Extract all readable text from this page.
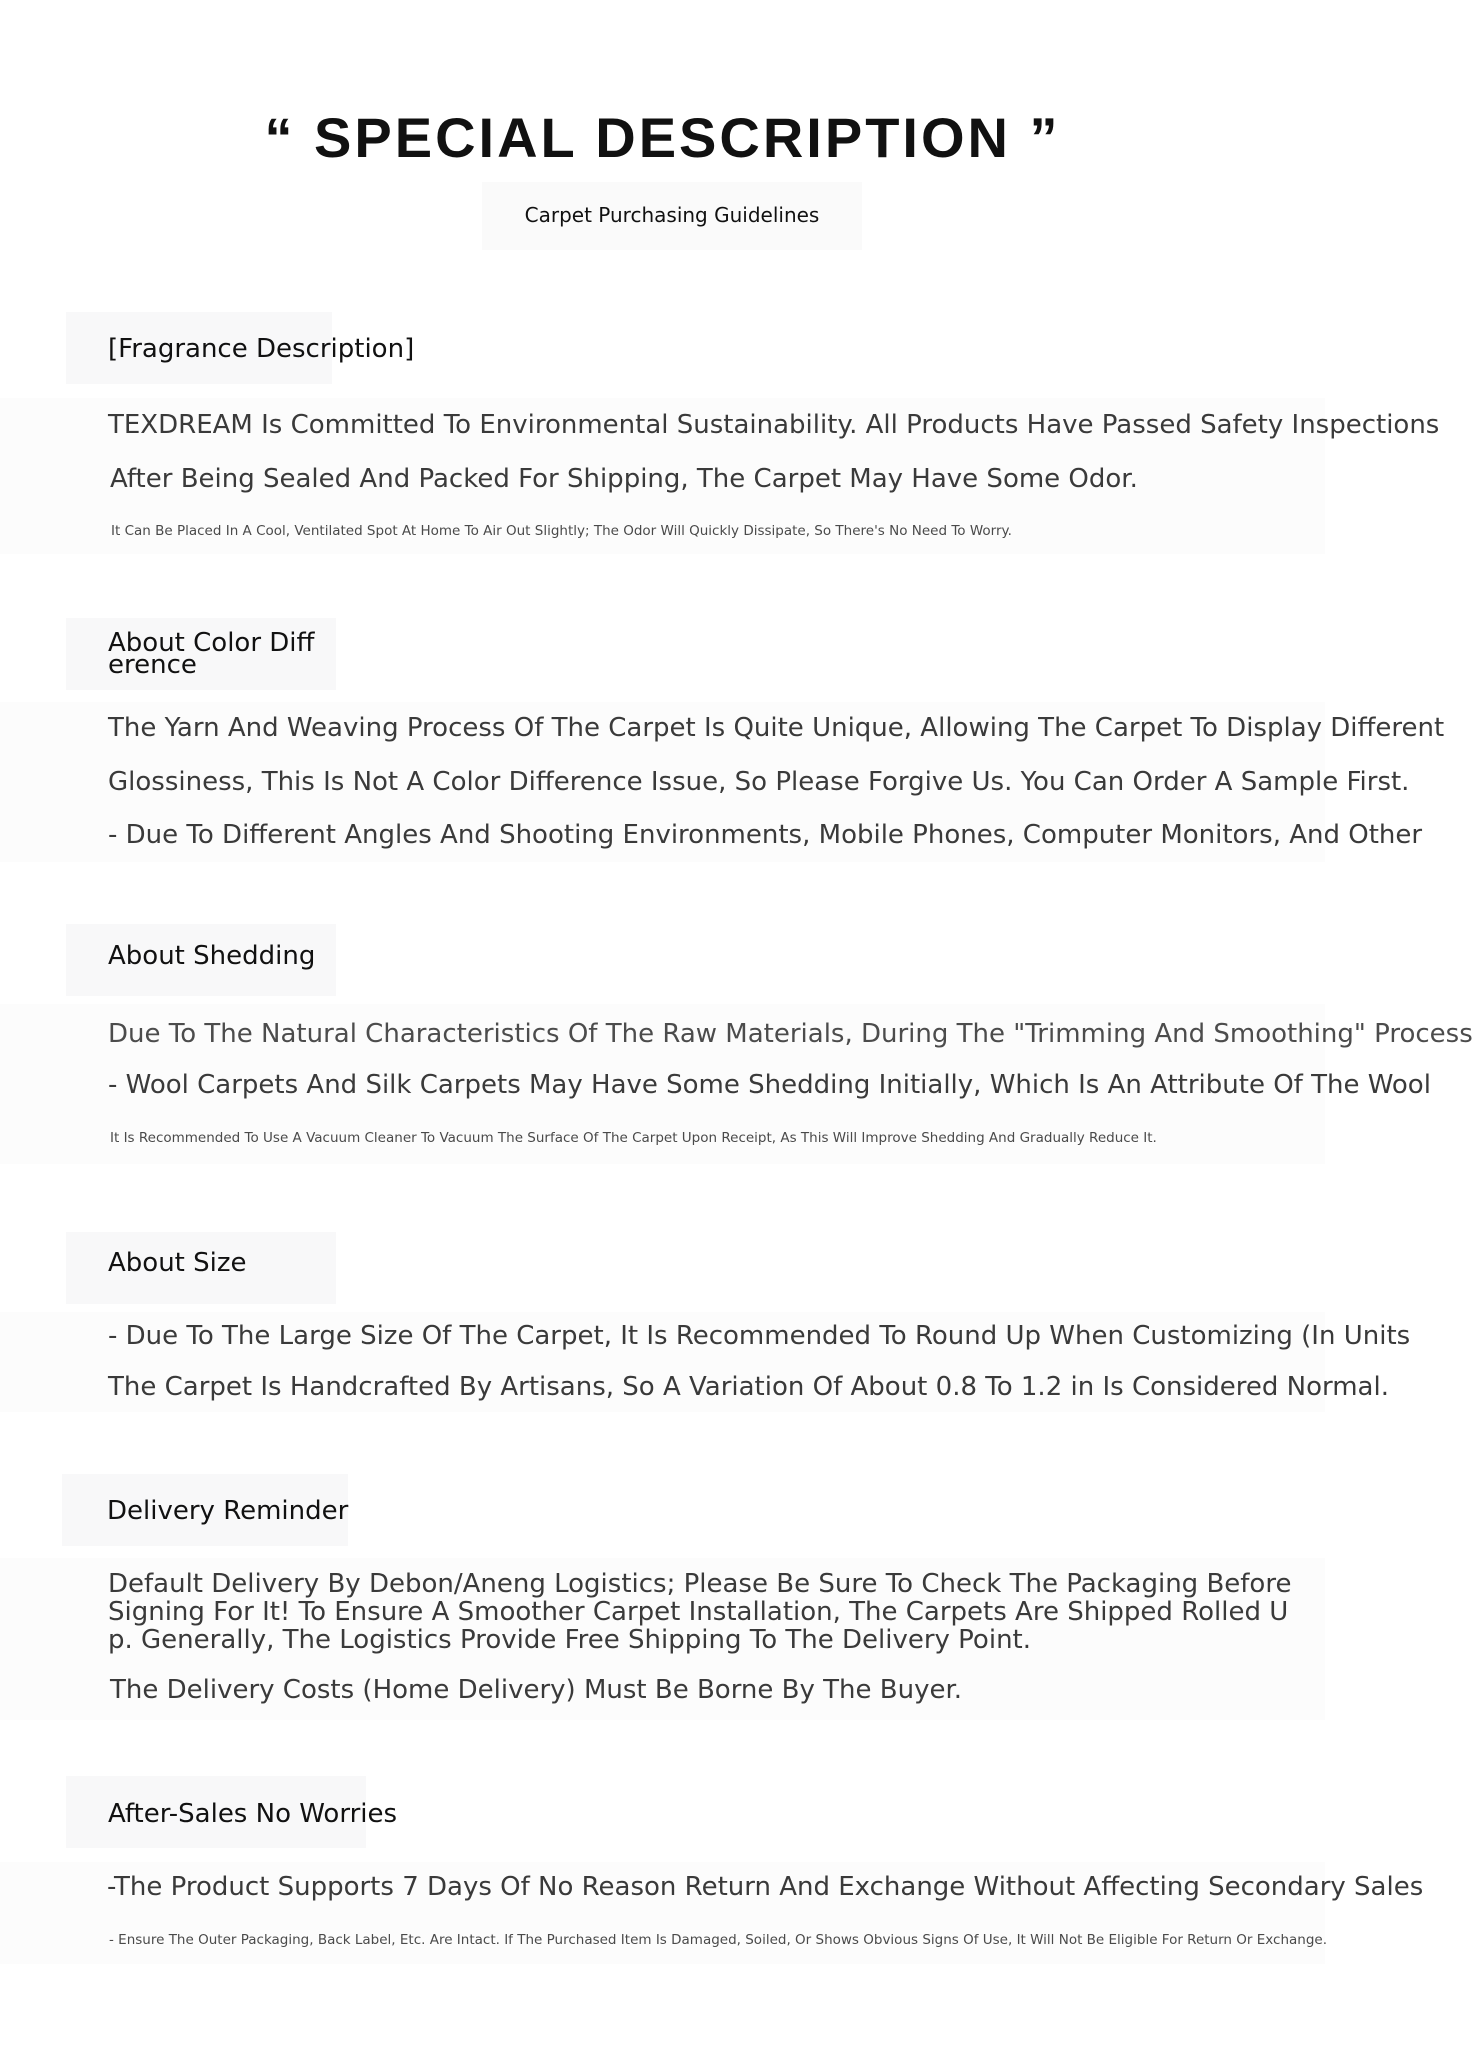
“ SPECIAL DESCRIPTION ”
Carpet Purchasing Guidelines
[Fragrance Description]
TEXDREAM Is Committed To Environmental Sustainability. All Products Have Passed Safety Inspections
After Being Sealed And Packed For Shipping, The Carpet May Have Some Odor.
It Can Be Placed In A Cool, Ventilated Spot At Home To Air Out Slightly; The Odor Will Quickly Dissipate, So There's No Need To Worry.
About Color Diff
erence
The Yarn And Weaving Process Of The Carpet Is Quite Unique, Allowing The Carpet To Display Different
Glossiness, This Is Not A Color Difference Issue, So Please Forgive Us. You Can Order A Sample First.
- Due To Different Angles And Shooting Environments, Mobile Phones, Computer Monitors, And Other
About Shedding
Due To The Natural Characteristics Of The Raw Materials, During The "Trimming And Smoothing" Process
- Wool Carpets And Silk Carpets May Have Some Shedding Initially, Which Is An Attribute Of The Wool
It Is Recommended To Use A Vacuum Cleaner To Vacuum The Surface Of The Carpet Upon Receipt, As This Will Improve Shedding And Gradually Reduce It.
About Size
- Due To The Large Size Of The Carpet, It Is Recommended To Round Up When Customizing (In Units
The Carpet Is Handcrafted By Artisans, So A Variation Of About 0.8 To 1.2 in Is Considered Normal.
Delivery Reminder
Default Delivery By Debon/Aneng Logistics; Please Be Sure To Check The Packaging Before
Signing For It! To Ensure A Smoother Carpet Installation, The Carpets Are Shipped Rolled U
p. Generally, The Logistics Provide Free Shipping To The Delivery Point.
The Delivery Costs (Home Delivery) Must Be Borne By The Buyer.
After-Sales No Worries
-The Product Supports 7 Days Of No Reason Return And Exchange Without Affecting Secondary Sales
- Ensure The Outer Packaging, Back Label, Etc. Are Intact. If The Purchased Item Is Damaged, Soiled, Or Shows Obvious Signs Of Use, It Will Not Be Eligible For Return Or Exchange.
